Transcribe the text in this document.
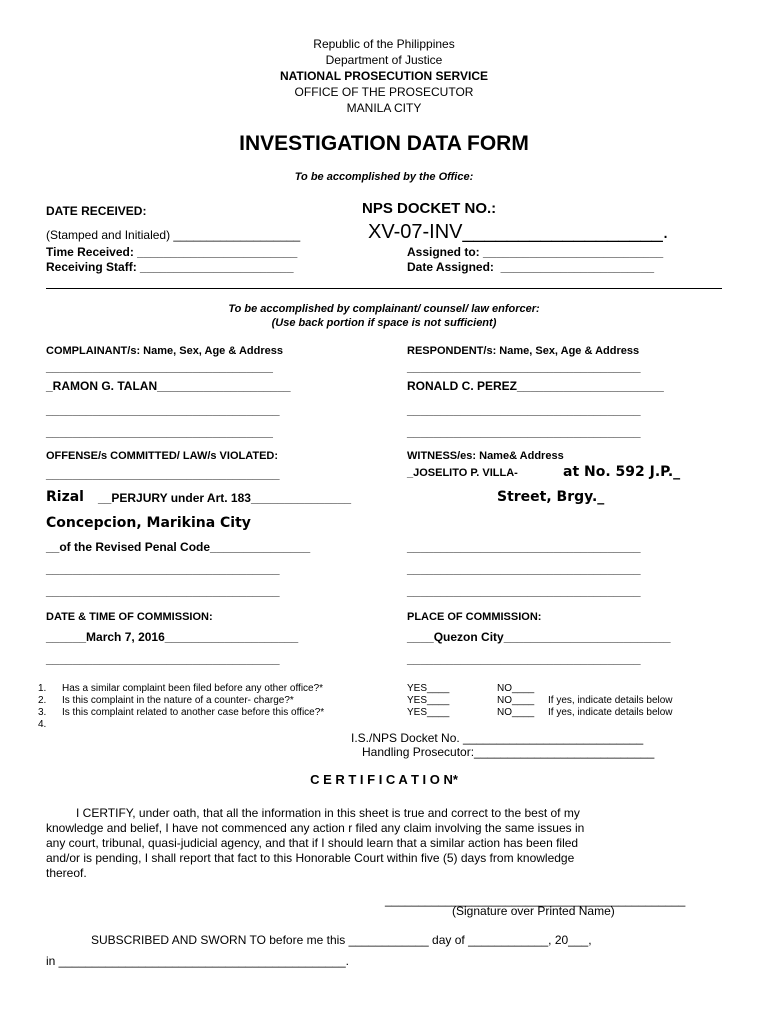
Republic of the Philippines
Department of Justice
NATIONAL PROSECUTION SERVICE
OFFICE OF THE PROSECUTOR
MANILA CITY
INVESTIGATION DATA FORM
To be accomplished by the Office:
DATE RECEIVED:	NPS DOCKET NO.:
(Stamped and Initialed) ___________________	XV-07-INV__________________.
Time Received: ________________________	Assigned to: ___________________________
Receiving Staff: _______________________	Date Assigned:  _______________________
To be accomplished by complainant/ counsel/ law enforcer:
(Use back portion if space is not sufficient)
COMPLAINANT/s: Name, Sex, Age & Address	RESPONDENT/s: Name, Sex, Age & Address
__________________________________	___________________________________
_RAMON G. TALAN____________________	RONALD C. PEREZ______________________
___________________________________	___________________________________
__________________________________	___________________________________
OFFENSE/s COMMITTED/ LAW/s VIOLATED:	WITNESS/es: Name& Address
___________________________________	_JOSELITO P. VILLA-	at No. 592 J.P._
Rizal __PERJURY under Art. 183_______________	Street, Brgy._
Concepcion, Marikina City
__of the Revised Penal Code_______________	___________________________________
___________________________________	___________________________________
___________________________________	___________________________________
DATE & TIME OF COMMISSION:	PLACE OF COMMISSION:
______March 7, 2016____________________	____Quezon City_________________________
___________________________________	___________________________________
1. Has a similar complaint been filed before any other office?*	YES____	NO____
2. Is this complaint in the nature of a counter- charge?*	YES____	NO____ If yes, indicate details below
3. Is this complaint related to another case before this office?*	YES____	NO____ If yes, indicate details below
4.
I.S./NPS Docket No. ___________________________
Handling Prosecutor:___________________________
C E R T I F I C A T I O N*
I CERTIFY, under oath, that all the information in this sheet is true and correct to the best of my
knowledge and belief, I have not commenced any action r filed any claim involving the same issues in
any court, tribunal, quasi-judicial agency, and that if I should learn that a similar action has been filed
and/or is pending, I shall report that fact to this Honorable Court within five (5) days from knowledge
thereof.
_____________________________________________
(Signature over Printed Name)
SUBSCRIBED AND SWORN TO before me this ____________ day of ____________, 20___,
in ___________________________________________.
